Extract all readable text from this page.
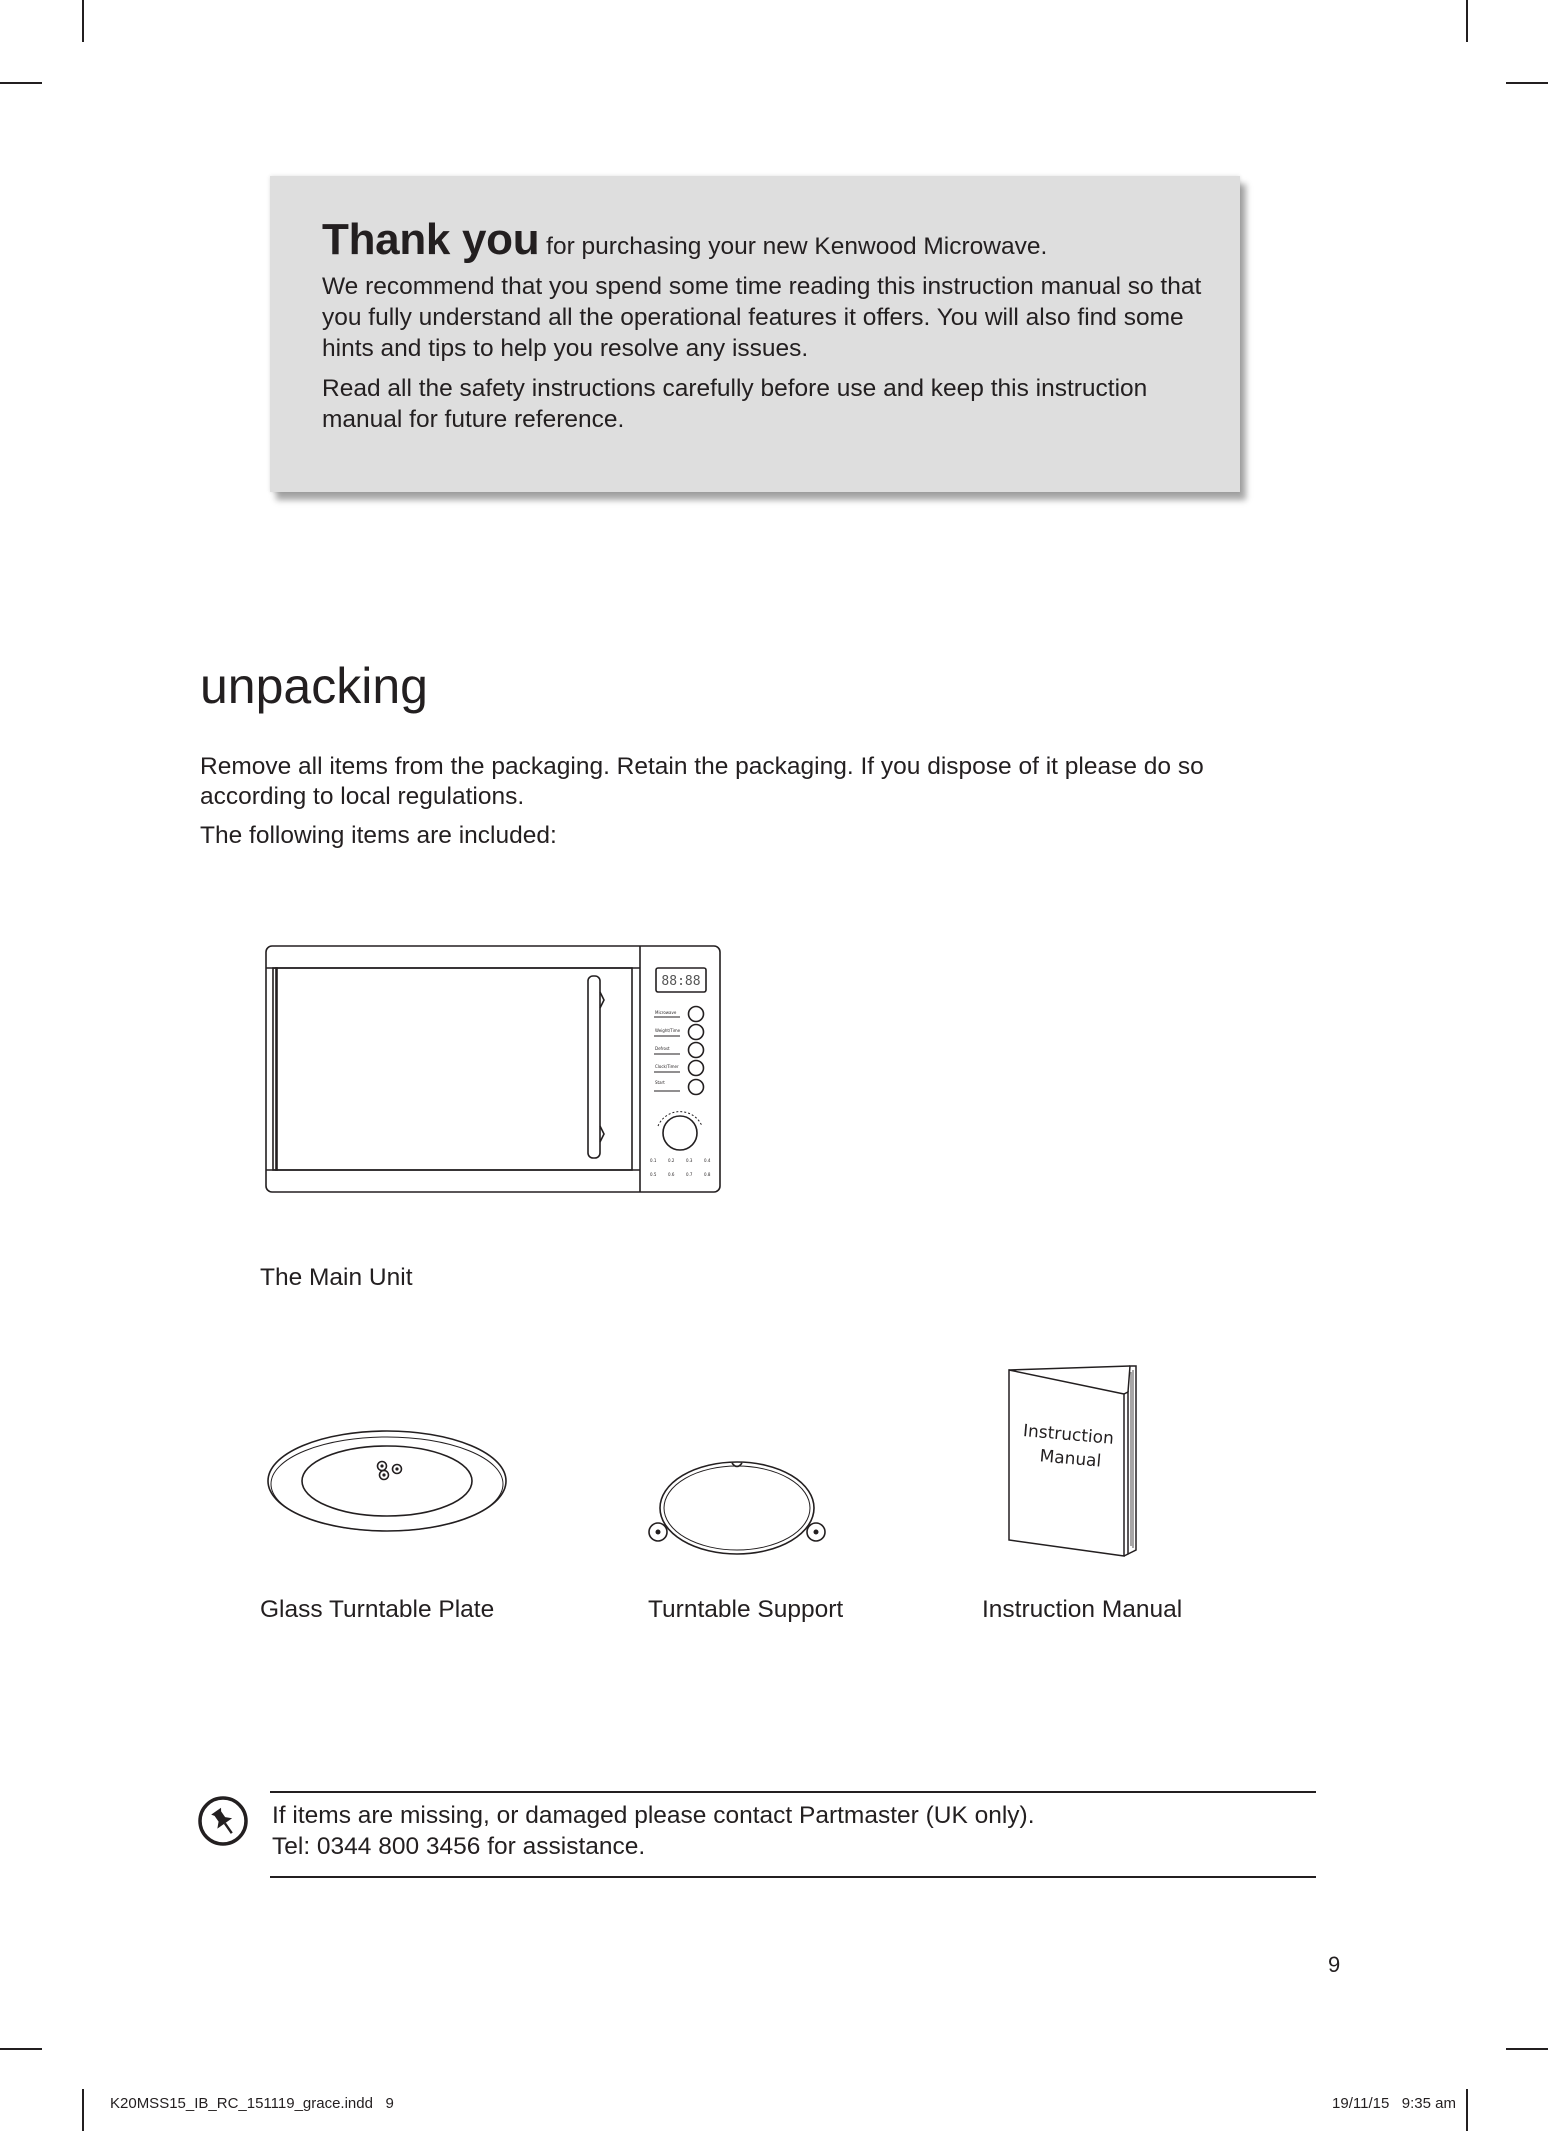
Thank you for purchasing your new Kenwood Microwave.

We recommend that you spend some time reading this instruction manual so that you fully understand all the operational features it offers. You will also find some hints and tips to help you resolve any issues.

Read all the safety instructions carefully before use and keep this instruction manual for future reference.

unpacking

Remove all items from the packaging. Retain the packaging. If you dispose of it please do so according to local regulations.

The following items are included:

Microwave
Weight/Time
Defrost
Clock/Timer
Start
0.1	0.2	0.3	0.4
0.5	0.6	0.7	0.8
88:88
The Main Unit
Glass Turntable Plate	Turntable Support
Instruction
Manual
Instruction Manual
If items are missing, or damaged please contact Partmaster (UK only).
Tel: 0344 800 3456 for assistance.
9
K20MSS15_IB_RC_151119_grace.indd   9	19/11/15   9:35 am
